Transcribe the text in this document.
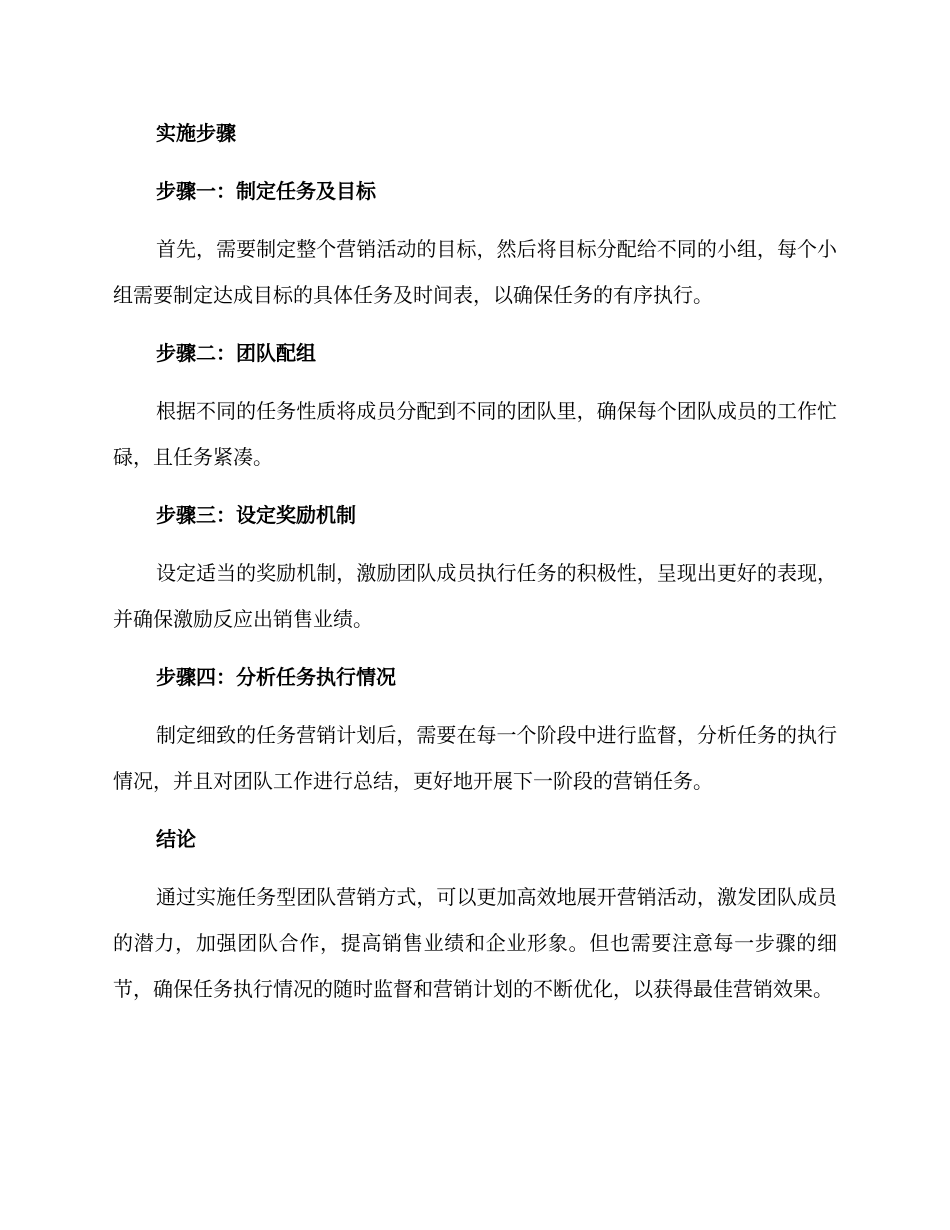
实施步骤
步骤一：制定任务及目标
首先，需要制定整个营销活动的目标，然后将目标分配给不同的小组，每个小组需要制定达成目标的具体任务及时间表，以确保任务的有序执行。
步骤二：团队配组
根据不同的任务性质将成员分配到不同的团队里，确保每个团队成员的工作忙碌，且任务紧凑。
步骤三：设定奖励机制
设定适当的奖励机制，激励团队成员执行任务的积极性，呈现出更好的表现，并确保激励反应出销售业绩。
步骤四：分析任务执行情况
制定细致的任务营销计划后，需要在每一个阶段中进行监督，分析任务的执行情况，并且对团队工作进行总结，更好地开展下一阶段的营销任务。
结论
通过实施任务型团队营销方式，可以更加高效地展开营销活动，激发团队成员的潜力，加强团队合作，提高销售业绩和企业形象。但也需要注意每一步骤的细节，确保任务执行情况的随时监督和营销计划的不断优化，以获得最佳营销效果。
